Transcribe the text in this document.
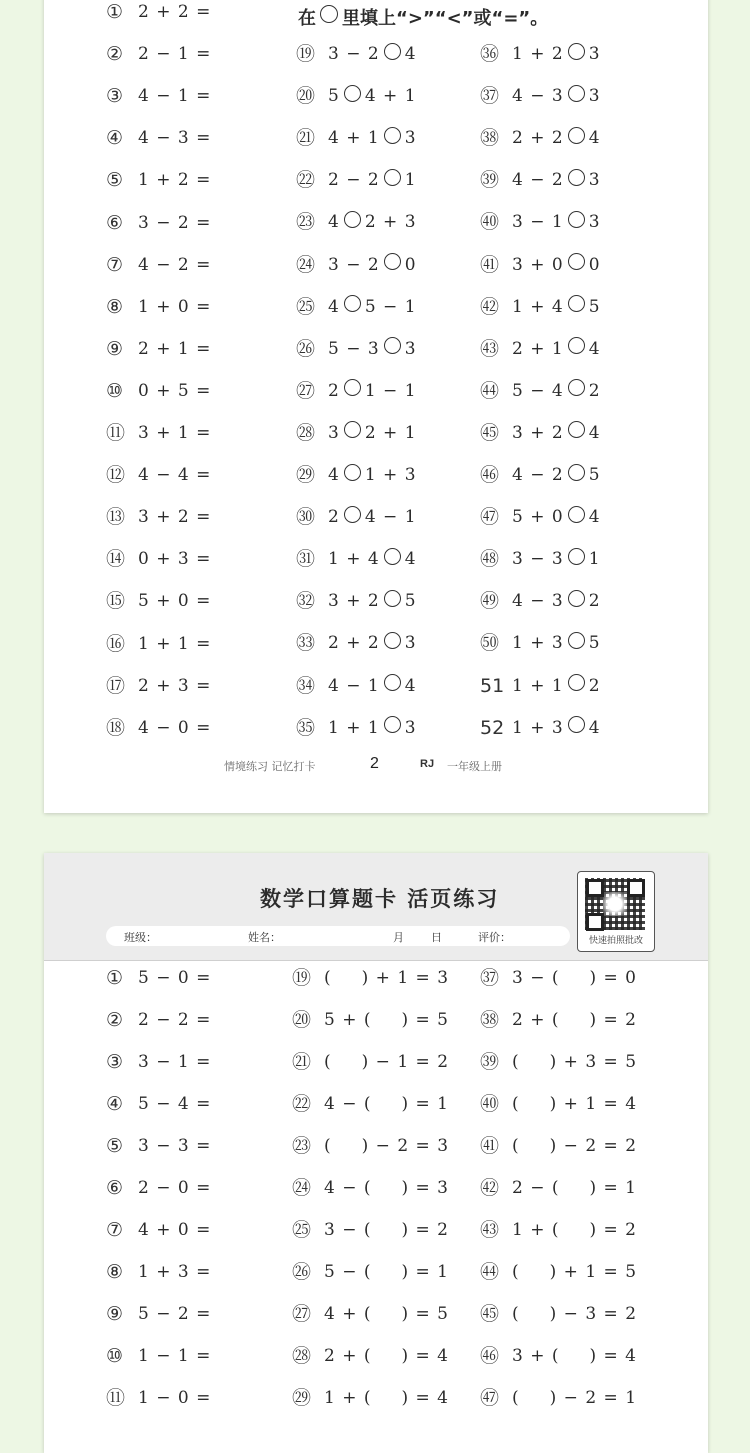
在 里填上“>”“<”或“=”。
① 2 + 2 =
② 2 − 1 =
③ 4 − 1 =
④ 4 − 3 =
⑤ 1 + 2 =
⑥ 3 − 2 =
⑦ 4 − 2 =
⑧ 1 + 0 =
⑨ 2 + 1 =
⑩ 0 + 5 =
⑪ 3 + 1 =
⑫ 4 − 4 =
⑬ 3 + 2 =
⑭ 0 + 3 =
⑮ 5 + 0 =
⑯ 1 + 1 =
⑰ 2 + 3 =
⑱ 4 − 0 =
⑲ 3 − 2 4
⑳ 5 4 + 1
㉑ 4 + 1 3
㉒ 2 − 2 1
㉓ 4 2 + 3
㉔ 3 − 2 0
㉕ 4 5 − 1
㉖ 5 − 3 3
㉗ 2 1 − 1
㉘ 3 2 + 1
㉙ 4 1 + 3
㉚ 2 4 − 1
㉛ 1 + 4 4
㉜ 3 + 2 5
㉝ 2 + 2 3
㉞ 4 − 1 4
㉟ 1 + 1 3
㊱ 1 + 2 3
㊲ 4 − 3 3
㊳ 2 + 2 4
㊴ 4 − 2 3
㊵ 3 − 1 3
㊶ 3 + 0 0
㊷ 1 + 4 5
㊸ 2 + 1 4
㊹ 5 − 4 2
㊺ 3 + 2 4
㊻ 4 − 2 5
㊼ 5 + 0 4
㊽ 3 − 3 1
㊾ 4 − 3 2
㊿ 1 + 3 5
51 1 + 1 2
52 1 + 3 4
情境练习 记忆打卡	2	RJ 一年级上册
数学口算题卡 活页练习
班级：	姓名：	月 日	评价：	快速拍照批改
① 5 − 0 =
② 2 − 2 =
③ 3 − 1 =
④ 5 − 4 =
⑤ 3 − 3 =
⑥ 2 − 0 =
⑦ 4 + 0 =
⑧ 1 + 3 =
⑨ 5 − 2 =
⑩ 1 − 1 =
⑪ 1 − 0 =
⑲ ( ) + 1 = 3
⑳ 5 + ( ) = 5
㉑ ( ) − 1 = 2
㉒ 4 − ( ) = 1
㉓ ( ) − 2 = 3
㉔ 4 − ( ) = 3
㉕ 3 − ( ) = 2
㉖ 5 − ( ) = 1
㉗ 4 + ( ) = 5
㉘ 2 + ( ) = 4
㉙ 1 + ( ) = 4
㊲ 3 − ( ) = 0
㊳ 2 + ( ) = 2
㊴ ( ) + 3 = 5
㊵ ( ) + 1 = 4
㊶ ( ) − 2 = 2
㊷ 2 − ( ) = 1
㊸ 1 + ( ) = 2
㊹ ( ) + 1 = 5
㊺ ( ) − 3 = 2
㊻ 3 + ( ) = 4
㊼ ( ) − 2 = 1
